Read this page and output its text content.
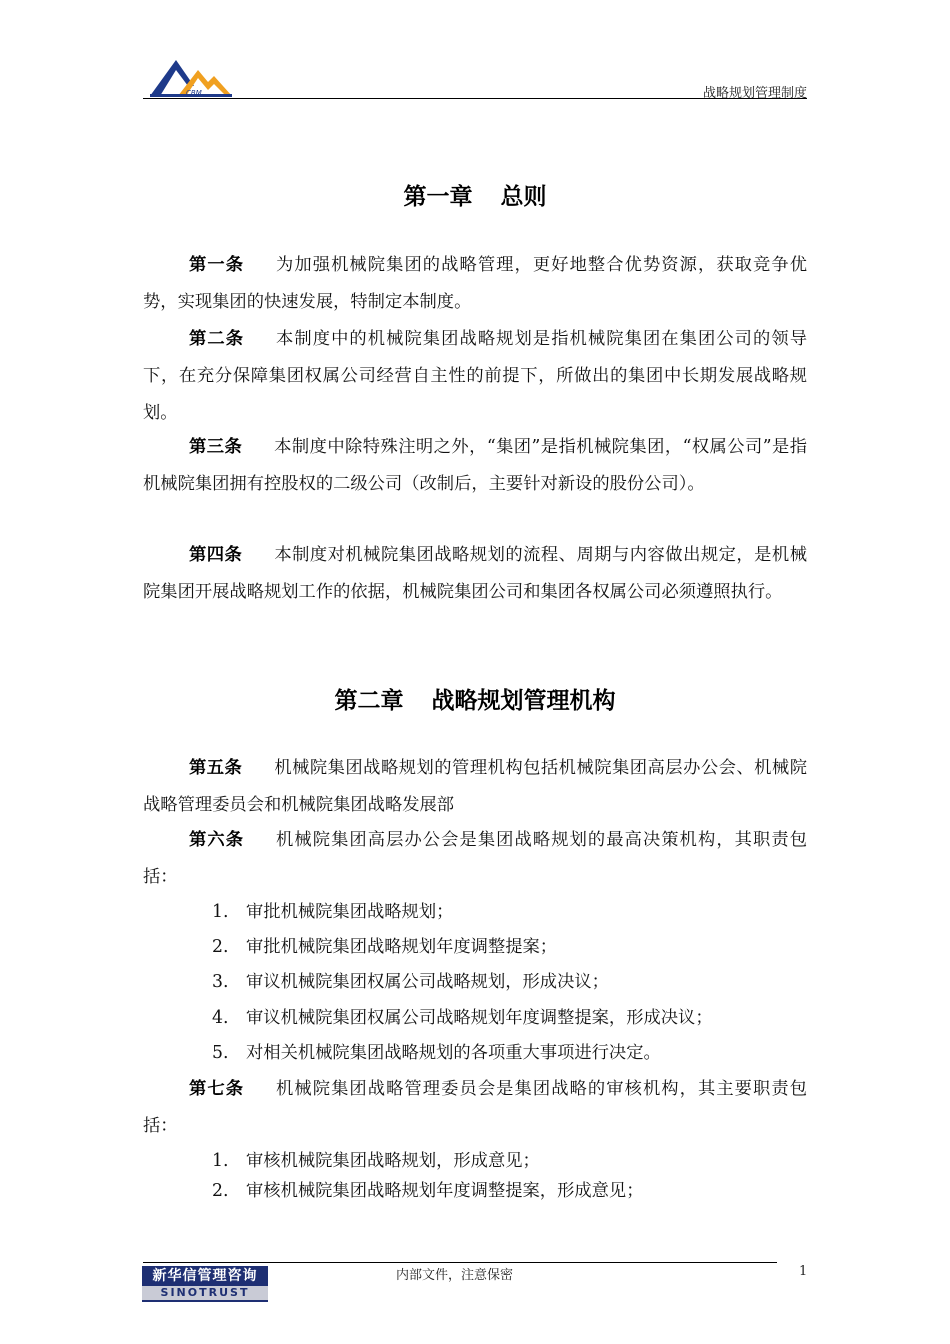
CBM	战略规划管理制度
第一章 总则
第一条 为加强机械院集团的战略管理，更好地整合优势资源，获取竞争优势，实现集团的快速发展，特制定本制度。
第二条 本制度中的机械院集团战略规划是指机械院集团在集团公司的领导下，在充分保障集团权属公司经营自主性的前提下，所做出的集团中长期发展战略规划。
第三条 本制度中除特殊注明之外，“集团”是指机械院集团，“权属公司”是指机械院集团拥有控股权的二级公司（改制后，主要针对新设的股份公司）。
第四条 本制度对机械院集团战略规划的流程、周期与内容做出规定，是机械院集团开展战略规划工作的依据，机械院集团公司和集团各权属公司必须遵照执行。
第二章 战略规划管理机构
第五条 机械院集团战略规划的管理机构包括机械院集团高层办公会、机械院战略管理委员会和机械院集团战略发展部
第六条 机械院集团高层办公会是集团战略规划的最高决策机构，其职责包括：
1. 审批机械院集团战略规划；
2. 审批机械院集团战略规划年度调整提案；
3. 审议机械院集团权属公司战略规划，形成决议；
4. 审议机械院集团权属公司战略规划年度调整提案，形成决议；
5. 对相关机械院集团战略规划的各项重大事项进行决定。
第七条 机械院集团战略管理委员会是集团战略的审核机构，其主要职责包括：
1. 审核机械院集团战略规划，形成意见；
2. 审核机械院集团战略规划年度调整提案，形成意见；
新华信管理咨询
SINOTRUST
内部文件，注意保密	1
